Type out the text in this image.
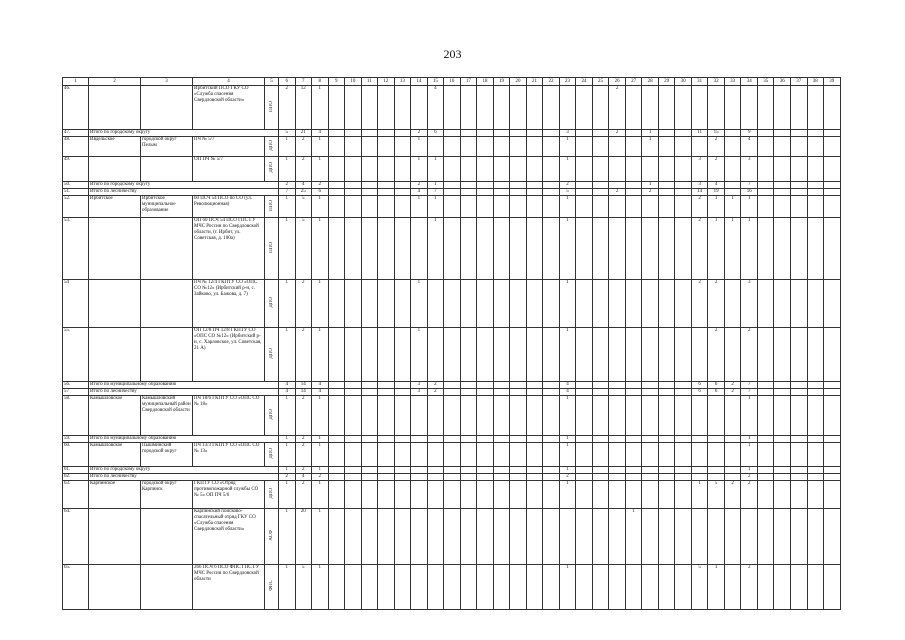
203
1	2	3	4	5	6	7	8	9	10	11	12	13	14	15	16	17	18	19	20	21	22	23	24	25	26	27	28	29	30	31	32	33	34	35	36	37	38	39
46.			Ирбитский ПСО ГКУ СО «Служба спасения Свердловской области»	ППО	2	12	1							4											2													
47.	Итого по городскому округу				5	21	4						2	6								3			2		1			11	15		9					
48.	Ивдельское	городской округ Пелым	ПЧ № 5/7	ДПО	1	2	1						1									1					1				2		4					
49.			ОП ПЧ № 5/7	ДПО	1	2	1						1	1								1								3	2		3					
50.	Итого по городскому округу				2	4	2						2	1								2					1			3	4		7					
51.	Итого по лесничеству				7	25	6						4	7								5			2		2			14	19		16					
52.	Ирбитское	Ирбитское муниципальное образование	60 ПСЧ 54 ПСО по СО (ул. Революционная)	ППО	1	5	1						1	1								1								2	1	1	1					
53.			ОП 60 ПСЧ 54 ПСО ГПС ГУ МЧС России по Свердловской области, (г. Ирбит, ул. Советская, д. 100а)	ППО	1	5	1							1								1								2	1	1	1					
54			ПЧ № 12/4 ГКПТУ СО «ОПС СО №12» (Ирбитский р-н, с. Зайково, ул. Бажова, д. 7)	ДПО	1	2	1						1									1								2	2		3					
55.			ОП 12/8 ПЧ 12/8 ГКПТУ СО «ОПС СО №12» (Ирбитский р-н, с. Харловское, ул. Советская, 21 А)	ДПО	1	2	1						1									1									2		2					
56.	Итого по муниципальному образованию				4	14	4						3	2								4								6	6	2	7					
57	Итого по лесничеству				4	14	4						3	2								4								6	6	2	7					
58.	Камышловское	Камышловский муниципальный район Свердловской области	ПЧ 18/6 ГКПТУ СО «ОПС СО № 18»	ДПО	1	2	1															1											1					
59.	Итого по муниципальному образованию				1	2	1															1											1					
60.	Камышловское	Пышминский городской округ	ПЧ 13/3 ГКПТУ СО «ОПС СО № 13»	ДПО	1	2	1															1											1					
61.	Итого по городскому округу				1	2	1															1											1					
62.	Итого по лесничеству				2	4	2															2											2					
63.	Карпинское	городской округ Карпинск	ГКПТУ СО «Отряд противопожарной службы СО № 5» ОП ПЧ 5/6	ДПО	1	2	1															1								1	5	2	2					
64.			Карпинский поисково-спасательный отряд ГКУ СО «Служба спасения Свердловской области»	АСФ	1	20	1																			1												
65.			266 ПСЧ 6 ПСО ФПС ГПС ГУ МЧС России по Свердловской области	ФПС	1	5	1															1								5	1		2					
